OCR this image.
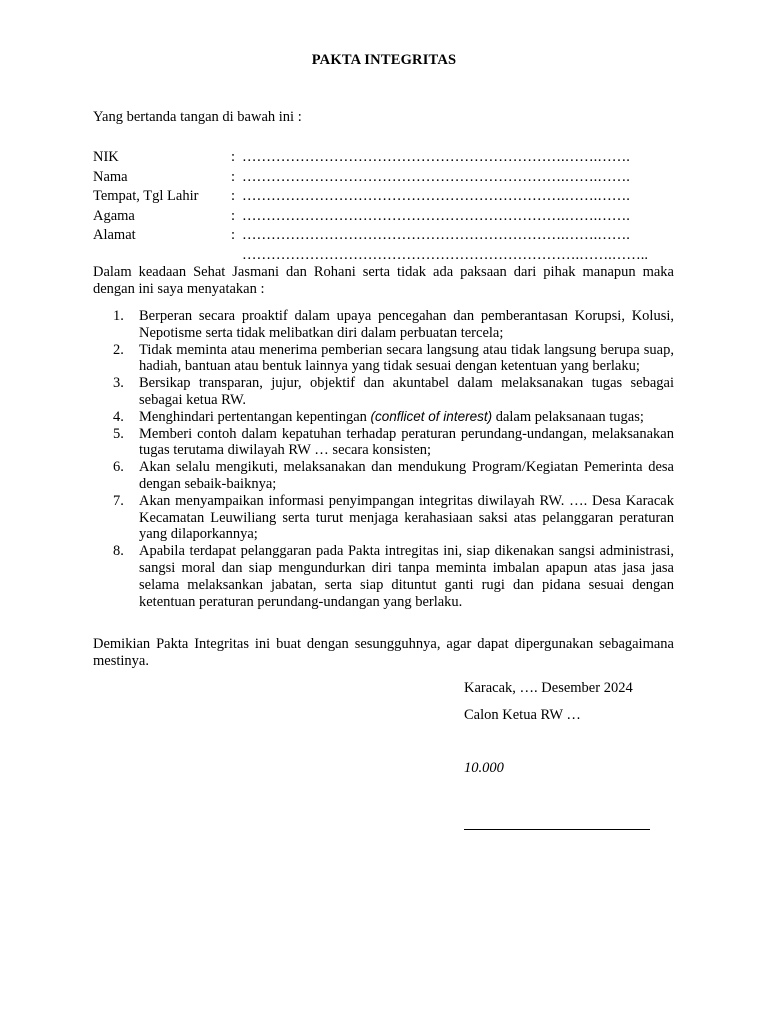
PAKTA INTEGRITAS
Yang bertanda tangan di bawah ini :
NIK	: ………………………………………………………….…….…….
Nama	: ………………………………………………………….…….…….
Tempat, Tgl Lahir : ………………………………………………………….…….…….
Agama	: ………………………………………………………….…….…….
Alamat	: ………………………………………………………….…….…….
…………………………………………………………….…….……..
Dalam keadaan Sehat Jasmani dan Rohani serta tidak ada paksaan dari pihak manapun maka dengan ini saya menyatakan :
1. Berperan secara proaktif dalam upaya pencegahan dan pemberantasan Korupsi, Kolusi, Nepotisme serta tidak melibatkan diri dalam perbuatan tercela;
2. Tidak meminta atau menerima pemberian secara langsung atau tidak langsung berupa suap, hadiah, bantuan atau bentuk lainnya yang tidak sesuai dengan ketentuan yang berlaku;
3. Bersikap transparan, jujur, objektif dan akuntabel dalam melaksanakan tugas sebagai sebagai ketua RW.
4. Menghindari pertentangan kepentingan (conflicet of interest) dalam pelaksanaan tugas;
5. Memberi contoh dalam kepatuhan terhadap peraturan perundang-undangan, melaksanakan tugas terutama diwilayah RW … secara konsisten;
6. Akan selalu mengikuti, melaksanakan dan mendukung Program/Kegiatan Pemerinta desa dengan sebaik-baiknya;
7. Akan menyampaikan informasi penyimpangan integritas diwilayah RW. …. Desa Karacak Kecamatan Leuwiliang serta turut menjaga kerahasiaan saksi atas pelanggaran peraturan yang dilaporkannya;
8. Apabila terdapat pelanggaran pada Pakta intregitas ini, siap dikenakan sangsi administrasi, sangsi moral dan siap mengundurkan diri tanpa meminta imbalan apapun atas jasa jasa selama melaksankan jabatan, serta siap dituntut ganti rugi dan pidana sesuai dengan ketentuan peraturan perundang-undangan yang berlaku.
Demikian Pakta Integritas ini buat dengan sesungguhnya, agar dapat dipergunakan sebagaimana mestinya.
Karacak, …. Desember 2024
Calon Ketua RW …
10.000
